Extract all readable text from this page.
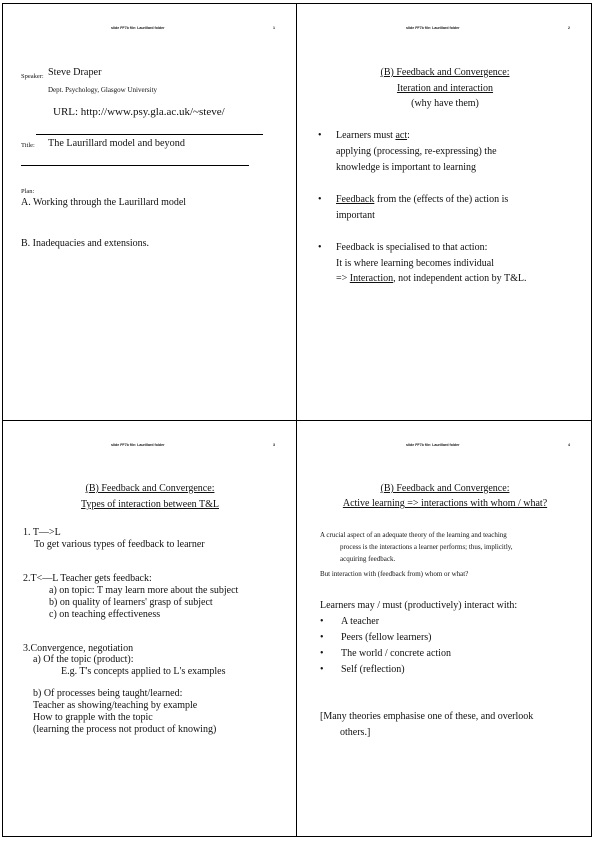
slide FF7b file: Laurillard folder	1
Speaker: Steve Draper
Dept. Psychology, Glasgow University
URL: http://www.psy.gla.ac.uk/~steve/
Title: The Laurillard model and beyond
Plan:
A. Working through the Laurillard model
B. Inadequacies and extensions.
slide FF7b file: Laurillard folder	2
(B) Feedback and Convergence:
Iteration and interaction
(why have them)
• Learners must act:
applying (processing, re-expressing) the
knowledge is important to learning
• Feedback from the (effects of the) action is
important
• Feedback is specialised to that action:
It is where learning becomes individual
=> Interaction, not independent action by T&L.
slide FF7b file: Laurillard folder	3
(B) Feedback and Convergence:
Types of interaction between T&L
1. T—>L
To get various types of feedback to learner
2.T<—L Teacher gets feedback:
a) on topic: T may learn more about the subject
b) on quality of learners' grasp of subject
c) on teaching effectiveness
3.Convergence, negotiation
a) Of the topic (product):
E.g. T's concepts applied to L's examples
b) Of processes being taught/learned:
Teacher as showing/teaching by example
How to grapple with the topic
(learning the process not product of knowing)
slide FF7b file: Laurillard folder	4
(B) Feedback and Convergence:
Active learning => interactions with whom / what?
A crucial aspect of an adequate theory of the learning and teaching
process is the interactions a learner performs; thus, implicitly,
acquiring feedback.
But interaction with (feedback from) whom or what?
Learners may / must (productively) interact with:
• A teacher
• Peers (fellow learners)
• The world / concrete action
• Self (reflection)
[Many theories emphasise one of these, and overlook
others.]
